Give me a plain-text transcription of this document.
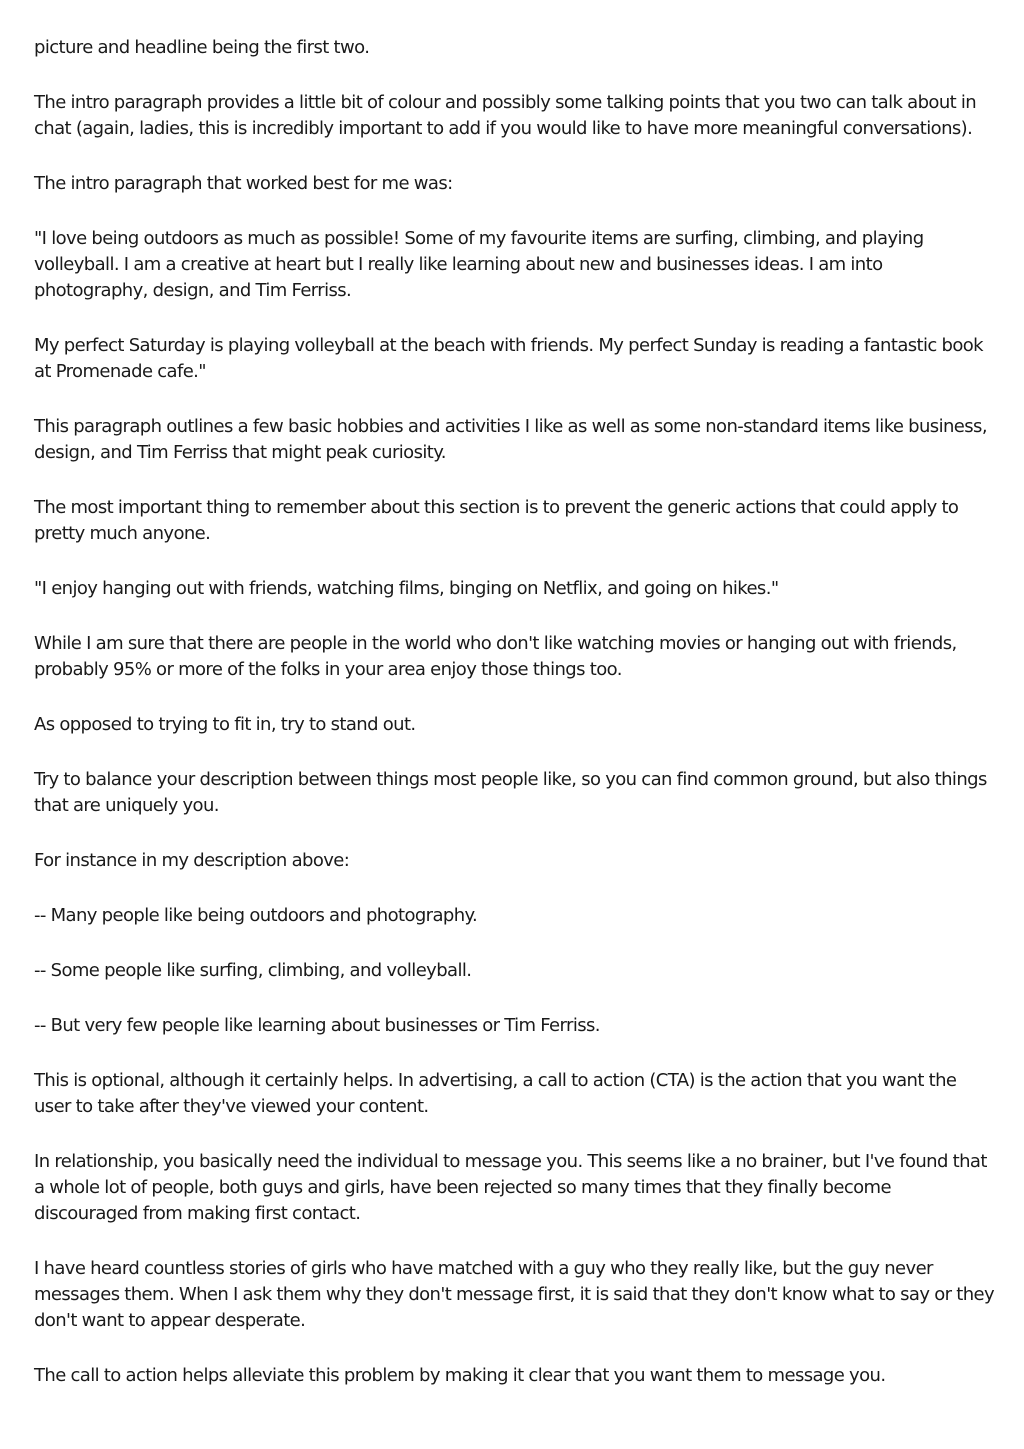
picture and headline being the first two.

The intro paragraph provides a little bit of colour and possibly some talking points that you two can talk about in chat (again, ladies, this is incredibly important to add if you would like to have more meaningful conversations).

The intro paragraph that worked best for me was:

"I love being outdoors as much as possible! Some of my favourite items are surfing, climbing, and playing volleyball. I am a creative at heart but I really like learning about new and businesses ideas. I am into photography, design, and Tim Ferriss.

My perfect Saturday is playing volleyball at the beach with friends. My perfect Sunday is reading a fantastic book at Promenade cafe."

This paragraph outlines a few basic hobbies and activities I like as well as some non-standard items like business, design, and Tim Ferriss that might peak curiosity.

The most important thing to remember about this section is to prevent the generic actions that could apply to pretty much anyone.

"I enjoy hanging out with friends, watching films, binging on Netflix, and going on hikes."

While I am sure that there are people in the world who don't like watching movies or hanging out with friends, probably 95% or more of the folks in your area enjoy those things too.

As opposed to trying to fit in, try to stand out.

Try to balance your description between things most people like, so you can find common ground, but also things that are uniquely you.

For instance in my description above:

-- Many people like being outdoors and photography.

-- Some people like surfing, climbing, and volleyball.

-- But very few people like learning about businesses or Tim Ferriss.

This is optional, although it certainly helps. In advertising, a call to action (CTA) is the action that you want the user to take after they've viewed your content.

In relationship, you basically need the individual to message you. This seems like a no brainer, but I've found that a whole lot of people, both guys and girls, have been rejected so many times that they finally become discouraged from making first contact.

I have heard countless stories of girls who have matched with a guy who they really like, but the guy never messages them. When I ask them why they don't message first, it is said that they don't know what to say or they don't want to appear desperate.

The call to action helps alleviate this problem by making it clear that you want them to message you.
